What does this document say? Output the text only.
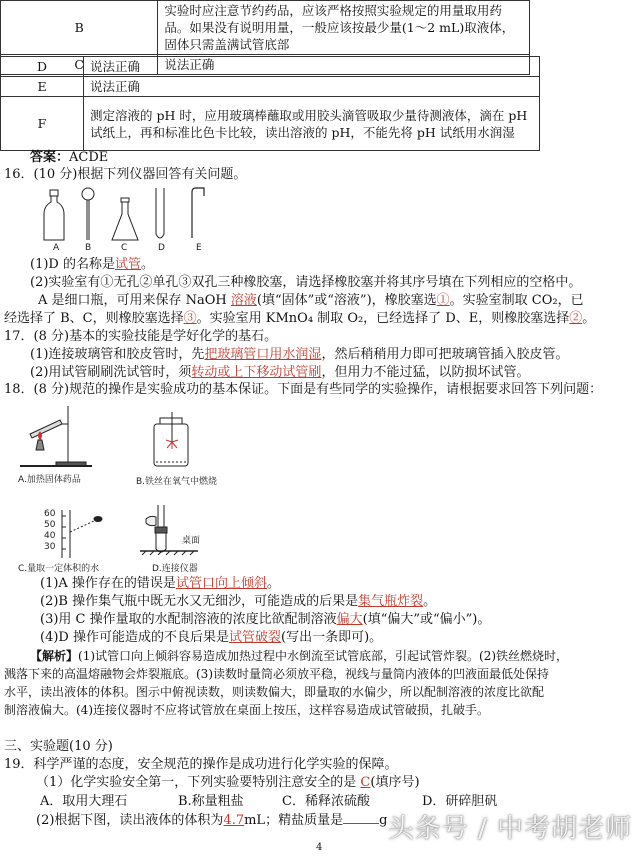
B	实验时应注意节约药品，应该严格按照实验规定的用量取用药品。如果没有说明用量，一般应该按最少量(1～2 mL)取液体，固体只需盖满试管底部
C	说法正确
D	说法正确
E	说法正确
F	测定溶液的 pH 时，应用玻璃棒蘸取或用胶头滴管吸取少量待测液体，滴在 pH 试纸上，再和标准比色卡比较，读出溶液的 pH，不能先将 pH 试纸用水润湿
答案：ACDE
16．(10 分)根据下列仪器回答有关问题。
A	B	C	D	E
(1)D 的名称是试管。
(2)实验室有①无孔②单孔③双孔三种橡胶塞，请选择橡胶塞并将其序号填在下列相应的空格中。
A 是细口瓶，可用来保存 NaOH 溶液(填“固体”或“溶液”)，橡胶塞选①。实验室制取 CO₂，已
经选择了 B、C，则橡胶塞选择③。实验室用 KMnO₄ 制取 O₂，已经选择了 D、E，则橡胶塞选择②。
17．(8 分)基本的实验技能是学好化学的基石。
(1)连接玻璃管和胶皮管时，先把玻璃管口用水润湿，然后稍稍用力即可把玻璃管插入胶皮管。
(2)用试管刷刷洗试管时，须转动或上下移动试管刷，但用力不能过猛，以防损坏试管。
18．(8 分)规范的操作是实验成功的基本保证。下面是有些同学的实验操作，请根据要求回答下列问题：
A.加热固体药品	B.铁丝在氧气中燃烧
60
50
40
30
C.量取一定体积的水
桌面
D.连接仪器
(1)A 操作存在的错误是试管口向上倾斜。
(2)B 操作集气瓶中既无水又无细沙，可能造成的后果是集气瓶炸裂。
(3)用 C 操作量取的水配制溶液的浓度比欲配制溶液偏大(填“偏大”或“偏小”)。
(4)D 操作可能造成的不良后果是试管破裂(写出一条即可)。
【解析】(1)试管口向上倾斜容易造成加热过程中水倒流至试管底部，引起试管炸裂。(2)铁丝燃烧时，
溅落下来的高温熔融物会炸裂瓶底。(3)读数时量筒必须放平稳，视线与量筒内液体的凹液面最低处保持
水平，读出液体的体积。图示中俯视读数，则读数偏大，即量取的水偏少，所以配制溶液的浓度比欲配
制溶液偏大。(4)连接仪器时不应将试管放在桌面上按压，这样容易造成试管破损，扎破手。
三、实验题(10 分)
19．科学严谨的态度，安全规范的操作是成功进行化学实验的保障。
（1）化学实验安全第一，下列实验要特别注意安全的是 C(填序号)
A．取用大理石	B.称量粗盐	C．稀释浓硫酸	D．研碎胆矾
(2)根据下图，读出液体的体积为4.7mL；精盐质量是	g
4
头条号 / 中考胡老师
